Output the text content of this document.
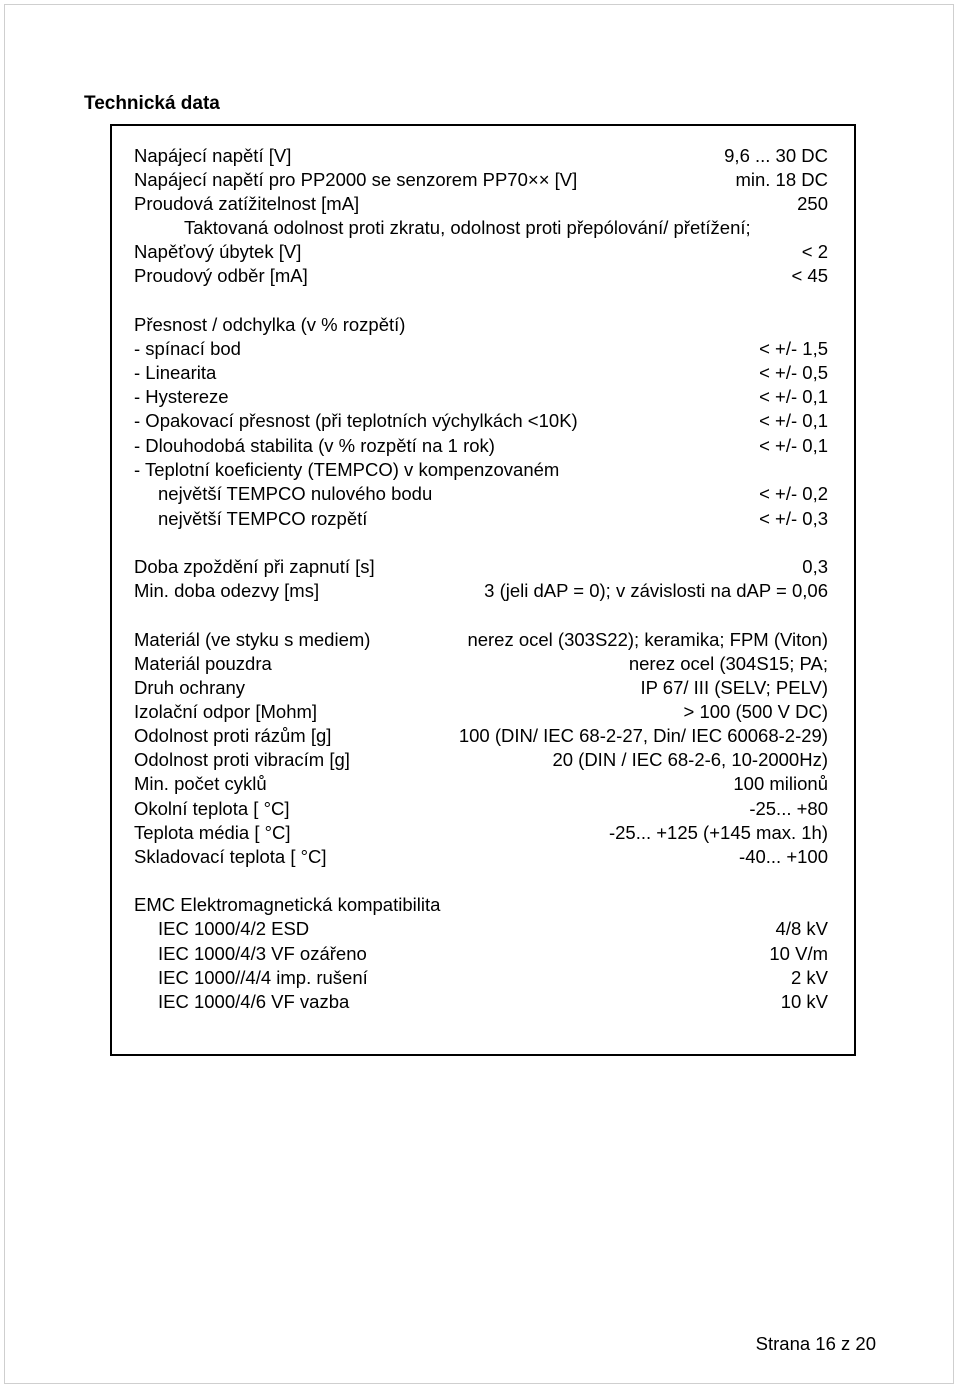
Technická data
Strana 16 z 20
Napájecí napětí [V]	9,6 ... 30 DC
Napájecí napětí pro PP2000 se senzorem PP70×× [V]	min. 18 DC
Proudová zatížitelnost [mA]	250
Taktovaná odolnost proti zkratu, odolnost proti přepólování/ přetížení;
Napěťový úbytek [V]	< 2
Proudový odběr [mA]	< 45
Přesnost / odchylka (v % rozpětí)
- spínací bod	< +/- 1,5
- Linearita	< +/- 0,5
- Hystereze	< +/- 0,1
- Opakovací přesnost (při teplotních výchylkách <10K)	< +/- 0,1
- Dlouhodobá stabilita (v % rozpětí na 1 rok)	< +/- 0,1
- Teplotní koeficienty (TEMPCO) v kompenzovaném
největší TEMPCO nulového bodu	< +/- 0,2
největší TEMPCO rozpětí	< +/- 0,3
Doba zpoždění při zapnutí [s]	0,3
Min. doba odezvy [ms]	3 (jeli dAP = 0); v závislosti na dAP = 0,06
Materiál (ve styku s mediem)	nerez ocel (303S22); keramika; FPM (Viton)
Materiál pouzdra	nerez ocel (304S15; PA;
Druh ochrany	IP 67/ III (SELV; PELV)
Izolační odpor [Mohm]	> 100 (500 V DC)
Odolnost proti rázům [g]	100 (DIN/ IEC 68-2-27, Din/ IEC 60068-2-29)
Odolnost proti vibracím [g]	20 (DIN / IEC 68-2-6, 10-2000Hz)
Min. počet cyklů	100 milionů
Okolní teplota [ °C]	-25... +80
Teplota média [ °C]	-25... +125 (+145 max. 1h)
Skladovací teplota [ °C]	-40... +100
EMC Elektromagnetická kompatibilita
IEC 1000/4/2 ESD	4/8 kV
IEC 1000/4/3 VF ozářeno	10 V/m
IEC 1000//4/4 imp. rušení	2 kV
IEC 1000/4/6 VF vazba	10 kV
